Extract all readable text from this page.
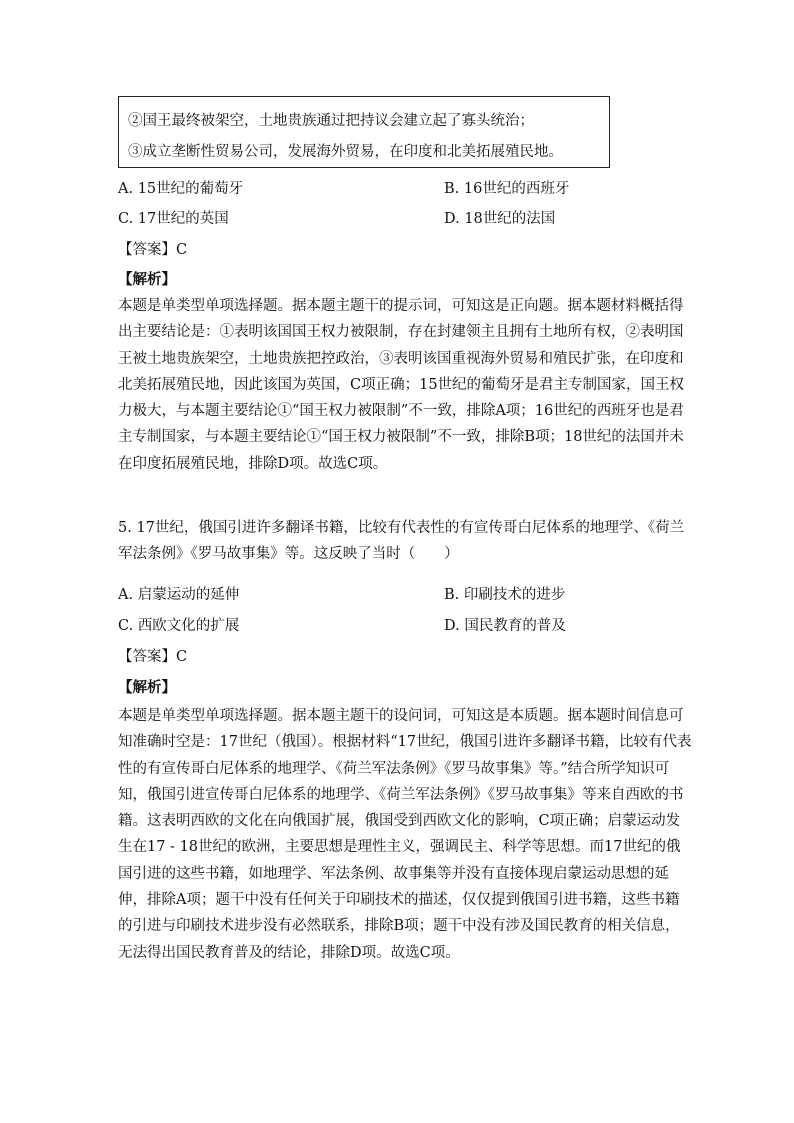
②国王最终被架空，土地贵族通过把持议会建立起了寡头统治；
③成立垄断性贸易公司，发展海外贸易，在印度和北美拓展殖民地。
A. 15世纪的葡萄牙	B. 16世纪的西班牙
C. 17世纪的英国	D. 18世纪的法国
【答案】C
【解析】
本题是单类型单项选择题。据本题主题干的提示词，可知这是正向题。据本题材料概括得
出主要结论是：①表明该国国王权力被限制，存在封建领主且拥有土地所有权，②表明国
王被土地贵族架空，土地贵族把控政治，③表明该国重视海外贸易和殖民扩张，在印度和
北美拓展殖民地，因此该国为英国，C项正确；15世纪的葡萄牙是君主专制国家，国王权
力极大，与本题主要结论①“国王权力被限制”不一致，排除A项；16世纪的西班牙也是君
主专制国家，与本题主要结论①“国王权力被限制”不一致，排除B项；18世纪的法国并未
在印度拓展殖民地，排除D项。故选C项。
5. 17世纪，俄国引进许多翻译书籍，比较有代表性的有宣传哥白尼体系的地理学、《荷兰
军法条例》《罗马故事集》等。这反映了当时（　　）
A. 启蒙运动的延伸	B. 印刷技术的进步
C. 西欧文化的扩展	D. 国民教育的普及
【答案】C
【解析】
本题是单类型单项选择题。据本题主题干的设问词，可知这是本质题。据本题时间信息可
知准确时空是：17世纪（俄国）。根据材料“17世纪，俄国引进许多翻译书籍，比较有代表
性的有宣传哥白尼体系的地理学、《荷兰军法条例》《罗马故事集》等。”结合所学知识可
知，俄国引进宣传哥白尼体系的地理学、《荷兰军法条例》《罗马故事集》等来自西欧的书
籍。这表明西欧的文化在向俄国扩展，俄国受到西欧文化的影响，C项正确；启蒙运动发
生在17 - 18世纪的欧洲，主要思想是理性主义，强调民主、科学等思想。而17世纪的俄
国引进的这些书籍，如地理学、军法条例、故事集等并没有直接体现启蒙运动思想的延
伸，排除A项；题干中没有任何关于印刷技术的描述，仅仅提到俄国引进书籍，这些书籍
的引进与印刷技术进步没有必然联系，排除B项；题干中没有涉及国民教育的相关信息，
无法得出国民教育普及的结论，排除D项。故选C项。
